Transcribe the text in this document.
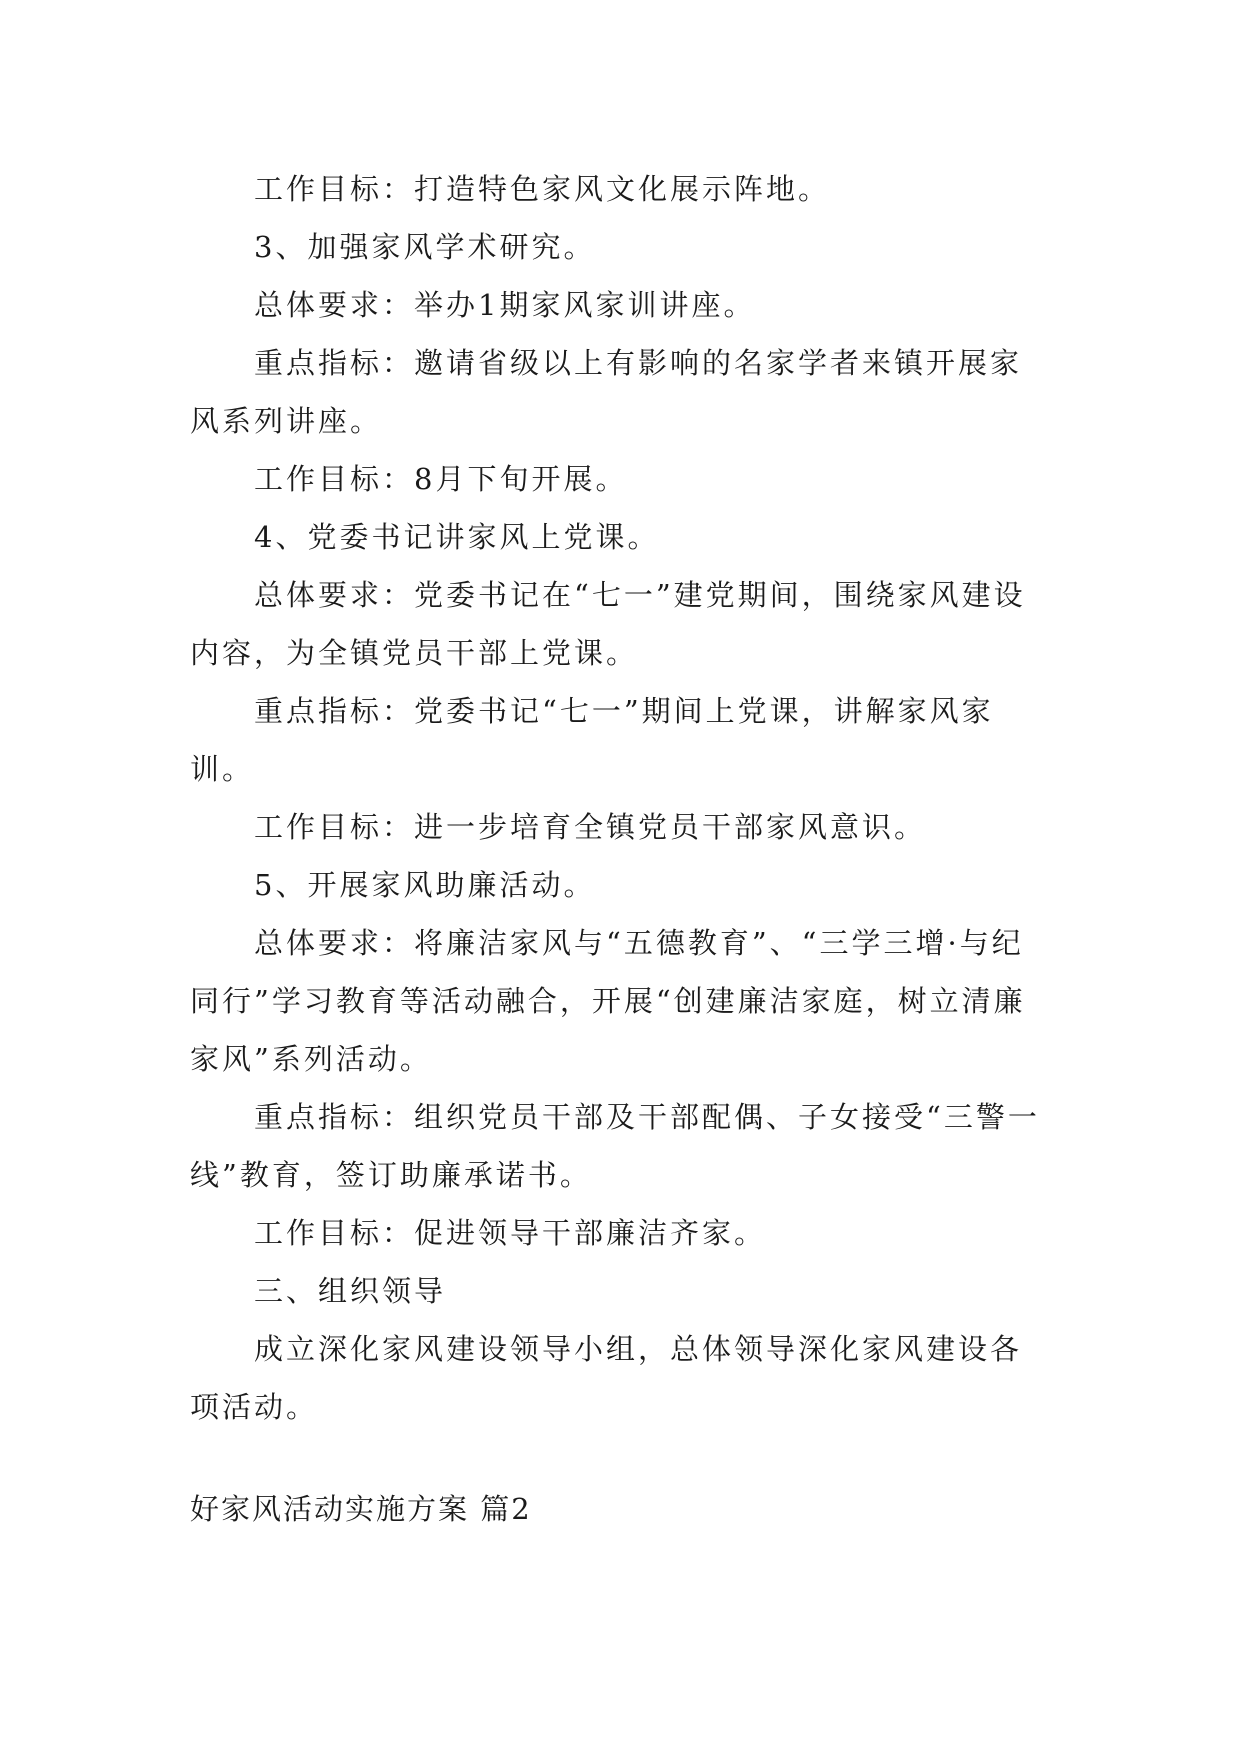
工作目标：打造特色家风文化展示阵地。

3、加强家风学术研究。

总体要求：举办1期家风家训讲座。

重点指标：邀请省级以上有影响的名家学者来镇开展家风系列讲座。

工作目标：8月下旬开展。

4、党委书记讲家风上党课。

总体要求：党委书记在“七一”建党期间，围绕家风建设内容，为全镇党员干部上党课。

重点指标：党委书记“七一”期间上党课，讲解家风家训。

工作目标：进一步培育全镇党员干部家风意识。

5、开展家风助廉活动。

总体要求：将廉洁家风与“五德教育”、“三学三增·与纪同行”学习教育等活动融合，开展“创建廉洁家庭，树立清廉家风”系列活动。

重点指标：组织党员干部及干部配偶、子女接受“三警一线”教育，签订助廉承诺书。

工作目标：促进领导干部廉洁齐家。

三、组织领导

成立深化家风建设领导小组，总体领导深化家风建设各项活动。

好家风活动实施方案 篇2
